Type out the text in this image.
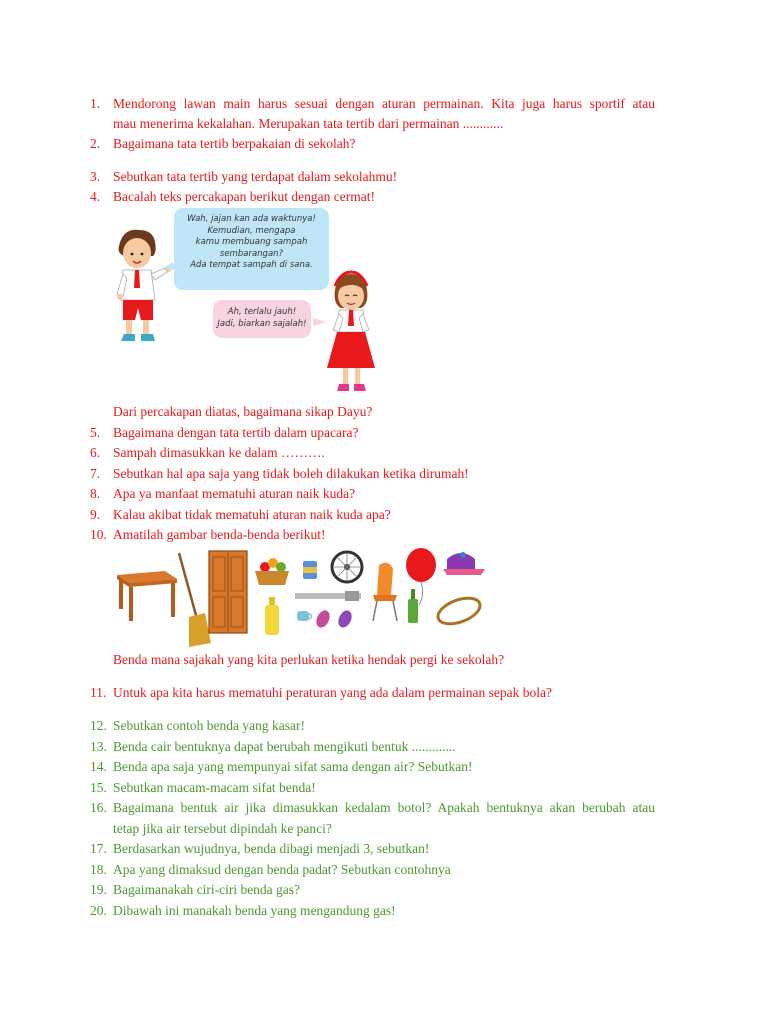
1. Mendorong lawan main harus sesuai dengan aturan permainan. Kita juga harus sportif atau
mau menerima kekalahan. Merupakan tata tertib dari permainan ............
2. Bagaimana tata tertib berpakaian di sekolah?
3. Sebutkan tata tertib yang terdapat dalam sekolahmu!
4. Bacalah teks percakapan berikut dengan cermat!
Wah, jajan kan ada waktunya!
Kemudian, mengapa
kamu membuang sampah
sembarangan?
Ada tempat sampah di sana.
Ah, terlalu jauh!
Jadi, biarkan sajalah!
Dari percakapan diatas, bagaimana sikap Dayu?
5. Bagaimana dengan tata tertib dalam upacara?
6. Sampah dimasukkan ke dalam ……….
7. Sebutkan hal apa saja yang tidak boleh dilakukan ketika dirumah!
8. Apa ya manfaat mematuhi aturan naik kuda?
9. Kalau akibat tidak mematuhi aturan naik kuda apa?
10. Amatilah gambar benda-benda berikut!
Benda mana sajakah yang kita perlukan ketika hendak pergi ke sekolah?
11. Untuk apa kita harus mematuhi peraturan yang ada dalam permainan sepak bola?
12. Sebutkan contoh benda yang kasar!
13. Benda cair bentuknya dapat berubah mengikuti bentuk .............
14. Benda apa saja yang mempunyai sifat sama dengan air? Sebutkan!
15. Sebutkan macam-macam sifat benda!
16. Bagaimana bentuk air jika dimasukkan kedalam botol? Apakah bentuknya akan berubah atau
tetap jika air tersebut dipindah ke panci?
17. Berdasarkan wujudnya, benda dibagi menjadi 3, sebutkan!
18. Apa yang dimaksud dengan benda padat? Sebutkan contohnya
19. Bagaimanakah ciri-ciri benda gas?
20. Dibawah ini manakah benda yang mengandung gas!
